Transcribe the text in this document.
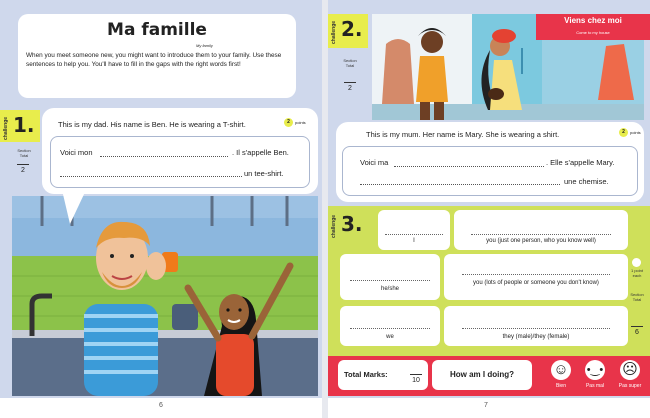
Ma famille
My family
When you meet someone new, you might want to introduce them to your family. Use these sentences to help you. You'll have to fill in the gaps with the right words first!
challenge 1.
Section Total
2
This is my dad. His name is Ben. He is wearing a T-shirt.	2	points
Voici mon	. Il s'appelle Ben.
un tee-shirt.
6
Viens chez moi
Come to my house
challenge 2.
Section Total
2
This is my mum. Her name is Mary. She is wearing a shirt.	2	points
Voici ma	. Elle s'appelle Mary.
une chemise.
challenge 3.
I	you (just one person, who you know well)
he/she
you (lots of people or someone you don't know)
we	they (male)/they (female)
1 point each
Section Total
6
Total Marks:
10
How am I doing?	☺
Bien
•‿•
Pas mal
☹
Pas super
7
